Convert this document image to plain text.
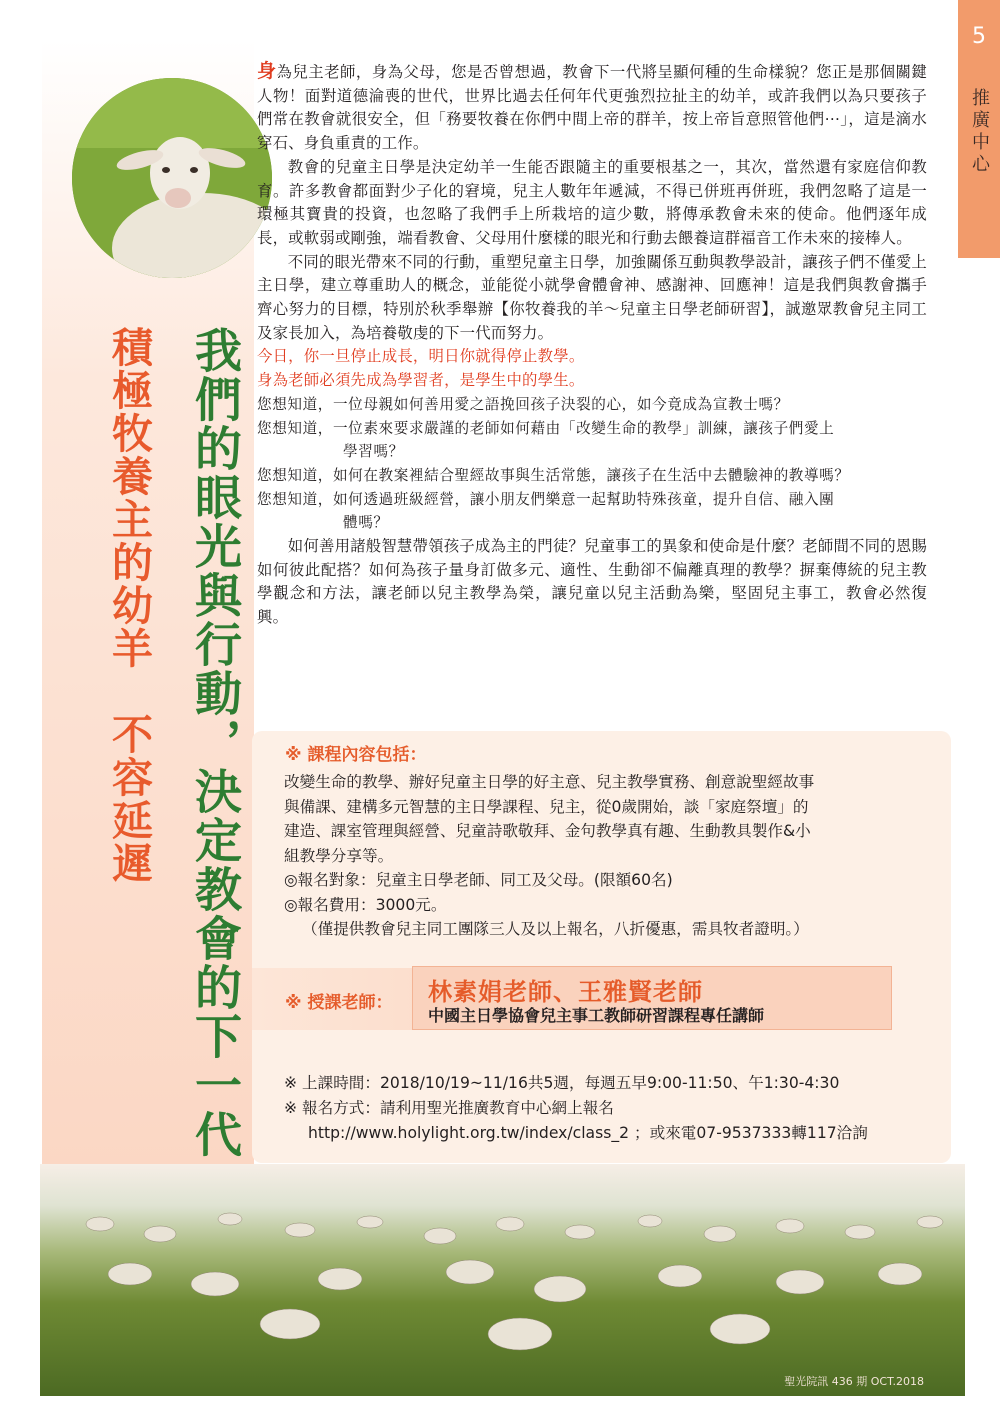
5
推廣中心
我們的眼光與行動，決定教會的下一代
積極牧養主的幼羊　不容延遲

身為兒主老師，身為父母，您是否曾想過，教會下一代將呈顯何種的生命樣貌？您正是那個關鍵人物！面對道德淪喪的世代，世界比過去任何年代更強烈拉扯主的幼羊，或許我們以為只要孩子們常在教會就很安全，但「務要牧養在你們中間上帝的群羊，按上帝旨意照管他們⋯」，這是滴水穿石、身負重責的工作。

教會的兒童主日學是決定幼羊一生能否跟隨主的重要根基之一，其次，當然還有家庭信仰教育。許多教會都面對少子化的窘境，兒主人數年年遞減，不得已併班再併班，我們忽略了這是一環極其寶貴的投資，也忽略了我們手上所栽培的這少數，將傳承教會未來的使命。他們逐年成長，或軟弱或剛強，端看教會、父母用什麼樣的眼光和行動去餵養這群福音工作未來的接棒人。

不同的眼光帶來不同的行動，重塑兒童主日學，加強關係互動與教學設計，讓孩子們不僅愛上主日學，建立尊重助人的概念，並能從小就學會體會神、感謝神、回應神！這是我們與教會攜手齊心努力的目標，特別於秋季舉辦【你牧養我的羊～兒童主日學老師研習】，誠邀眾教會兒主同工及家長加入，為培養敬虔的下一代而努力。

今日，你一旦停止成長，明日你就得停止教學。

身為老師必須先成為學習者，是學生中的學生。

您想知道，一位母親如何善用愛之語挽回孩子決裂的心，如今竟成為宣教士嗎？

您想知道，一位素來要求嚴謹的老師如何藉由「改變生命的教學」訓練，讓孩子們愛上

學習嗎？

您想知道，如何在教案裡結合聖經故事與生活常態，讓孩子在生活中去體驗神的教導嗎？

您想知道，如何透過班級經營，讓小朋友們樂意一起幫助特殊孩童，提升自信、融入團

體嗎？

如何善用諸般智慧帶領孩子成為主的門徒？兒童事工的異象和使命是什麼？老師間不同的恩賜如何彼此配搭？如何為孩子量身訂做多元、適性、生動卻不偏離真理的教學？摒棄傳統的兒主教學觀念和方法，讓老師以兒主教學為榮，讓兒童以兒主活動為樂，堅固兒主事工，教會必然復興。

※ 課程內容包括：

改變生命的教學、辦好兒童主日學的好主意、兒主教學實務、創意說聖經故事

與備課、建構多元智慧的主日學課程、兒主，從0歲開始，談「家庭祭壇」的

建造、課室管理與經營、兒童詩歌敬拜、金句教學真有趣、生動教具製作&小

組教學分享等。

◎報名對象：兒童主日學老師、同工及父母。(限額60名)

◎報名費用：3000元。

（僅提供教會兒主同工團隊三人及以上報名，八折優惠，需具牧者證明。）

※ 授課老師： 林素娟老師、王雅賢老師
中國主日學協會兒主事工教師研習課程專任講師

※ 上課時間：2018/10/19~11/16共5週，每週五早9:00-11:50、午1:30-4:30

※ 報名方式：請利用聖光推廣教育中心網上報名

http://www.holylight.org.tw/index/class_2 ；或來電07-9537333轉117洽詢

聖光院訊 436 期 OCT.2018
